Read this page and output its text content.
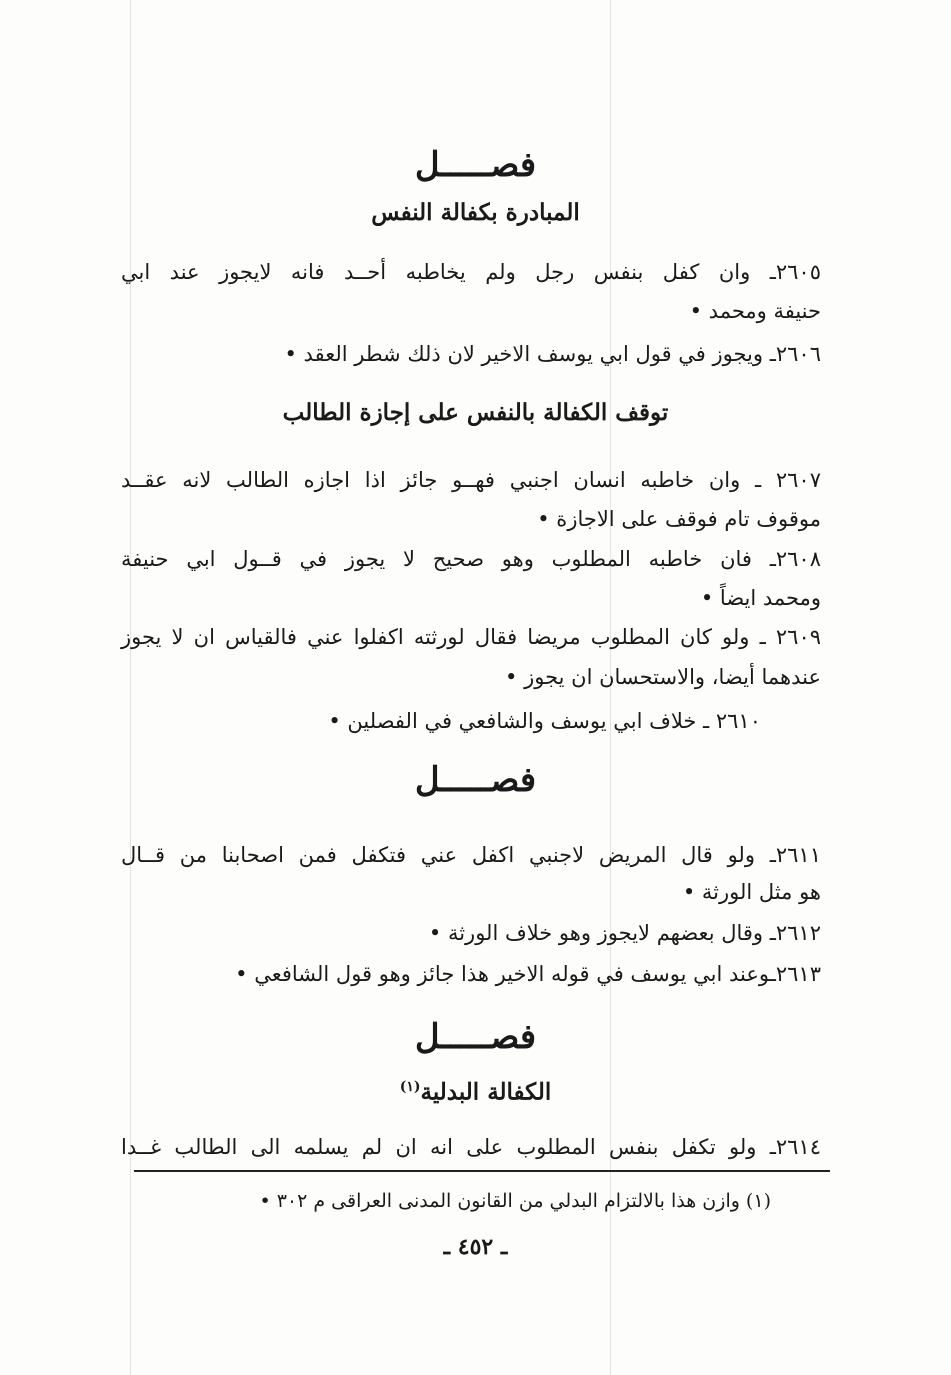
فصـــــل
المبادرة بكفالة النفس
٢٦٠٥ـ وان كفل بنفس رجل ولم يخاطبه أحــد فانه لايجوز عند ابي
حنيفة ومحمد •
٢٦٠٦ـ ويجوز في قول ابي يوسف الاخير لان ذلك شطر العقد •
توقف الكفالة بالنفس على إجازة الطالب
٢٦٠٧ ـ وان خاطبه انسان اجنبي فهــو جائز اذا اجازه الطالب لانه عقــد
موقوف تام فوقف على الاجازة •
٢٦٠٨ـ فان خاطبه المطلوب وهو صحيح لا يجوز في قــول ابي حنيفة
ومحمد ايضاً •
٢٦٠٩ ـ ولو كان المطلوب مريضا فقال لورثته اكفلوا عني فالقياس ان لا يجوز
عندهما أيضا، والاستحسان ان يجوز •
٢٦١٠ ـ خلاف ابي يوسف والشافعي في الفصلين •
فصـــــل
٢٦١١ـ ولو قال المريض لاجنبي اكفل عني فتكفل فمن اصحابنا من قــال
هو مثل الورثة •
٢٦١٢ـ وقال بعضهم لايجوز وهو خلاف الورثة •
٢٦١٣ـوعند ابي يوسف في قوله الاخير هذا جائز وهو قول الشافعي •
فصـــــل
الكفالة البدلية$^{(١)}$
٢٦١٤ـ ولو تكفل بنفس المطلوب على انه ان لم يسلمه الى الطالب غــدا
(١) وازن هذا بالالتزام البدلي من القانون المدنى العراقى م ٣٠٢ •
ـ ٤٥٢ ـ
